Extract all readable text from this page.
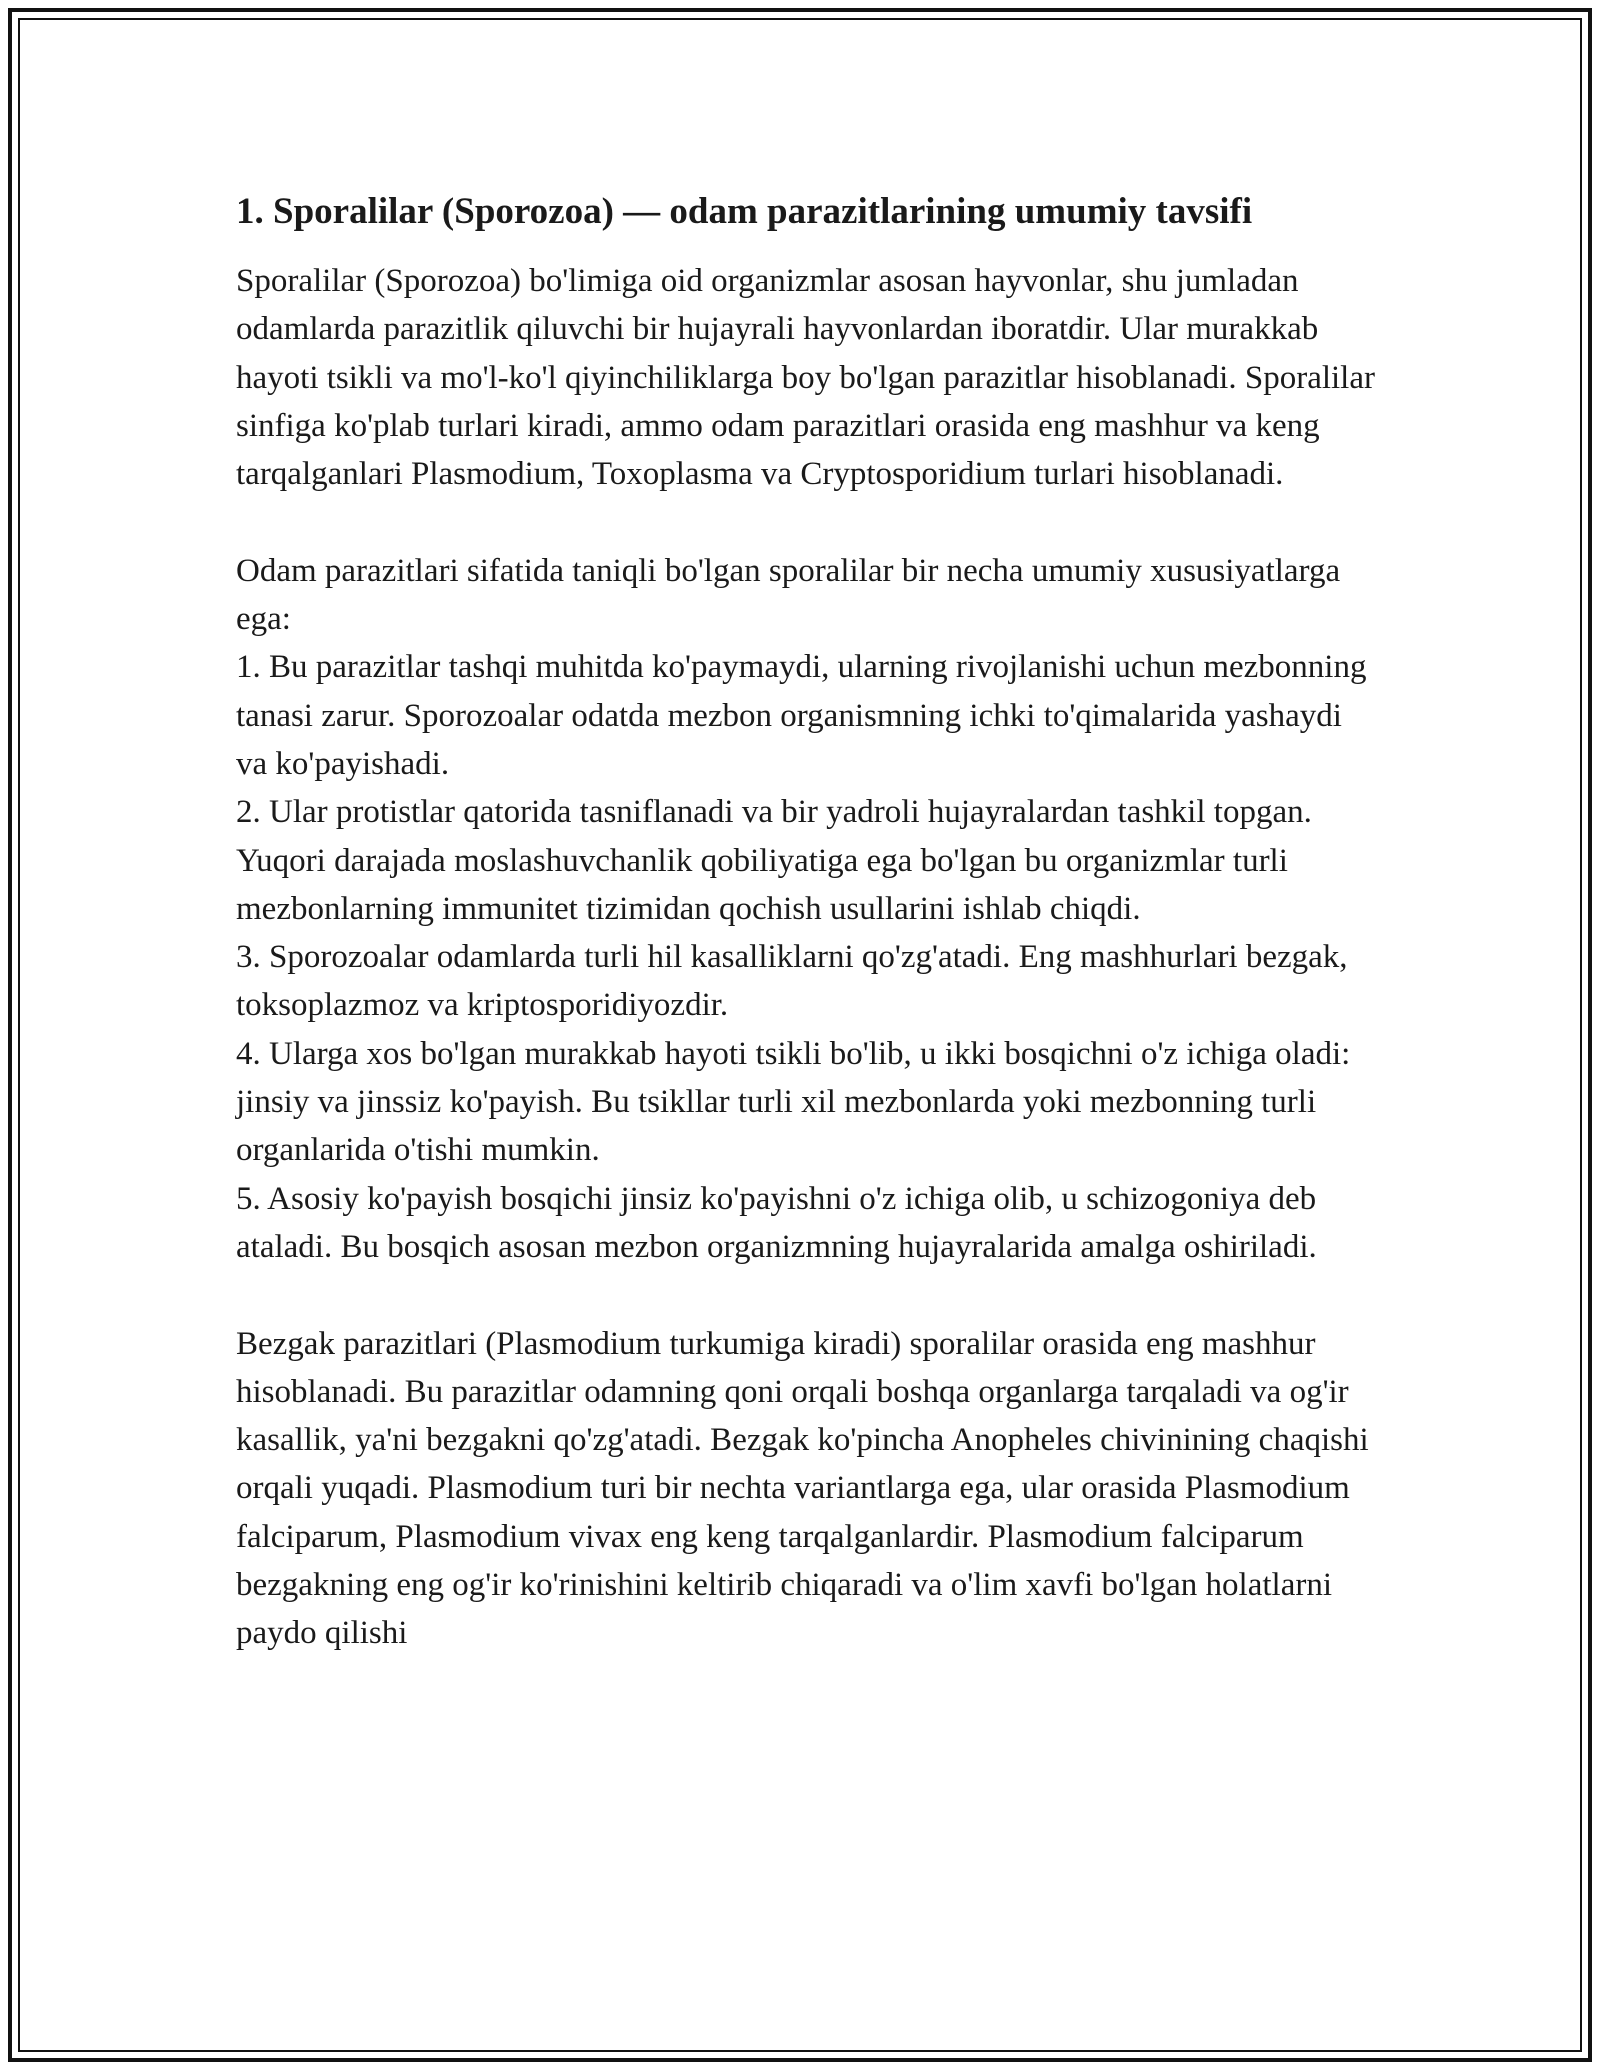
1. Sporalilar (Sporozoa) — odam parazitlarining umumiy tavsifi

Sporalilar (Sporozoa) bo'limiga oid organizmlar asosan hayvonlar, shu jumladan odamlarda parazitlik qiluvchi bir hujayrali hayvonlardan iboratdir. Ular murakkab hayoti tsikli va mo'l-ko'l qiyinchiliklarga boy bo'lgan parazitlar hisoblanadi. Sporalilar sinfiga ko'plab turlari kiradi, ammo odam parazitlari orasida eng mashhur va keng tarqalganlari Plasmodium, Toxoplasma va Cryptosporidium turlari hisoblanadi.

Odam parazitlari sifatida taniqli bo'lgan sporalilar bir necha umumiy xususiyatlarga ega:

1. Bu parazitlar tashqi muhitda ko'paymaydi, ularning rivojlanishi uchun mezbonning tanasi zarur. Sporozoalar odatda mezbon organismning ichki to'qimalarida yashaydi va ko'payishadi.

2. Ular protistlar qatorida tasniflanadi va bir yadroli hujayralardan tashkil topgan. Yuqori darajada moslashuvchanlik qobiliyatiga ega bo'lgan bu organizmlar turli mezbonlarning immunitet tizimidan qochish usullarini ishlab chiqdi.

3. Sporozoalar odamlarda turli hil kasalliklarni qo'zg'atadi. Eng mashhurlari bezgak, toksoplazmoz va kriptosporidiyozdir.

4. Ularga xos bo'lgan murakkab hayoti tsikli bo'lib, u ikki bosqichni o'z ichiga oladi: jinsiy va jinssiz ko'payish. Bu tsikllar turli xil mezbonlarda yoki mezbonning turli organlarida o'tishi mumkin.

5. Asosiy ko'payish bosqichi jinsiz ko'payishni o'z ichiga olib, u schizogoniya deb ataladi. Bu bosqich asosan mezbon organizmning hujayralarida amalga oshiriladi.

Bezgak parazitlari (Plasmodium turkumiga kiradi) sporalilar orasida eng mashhur hisoblanadi. Bu parazitlar odamning qoni orqali boshqa organlarga tarqaladi va og'ir kasallik, ya'ni bezgakni qo'zg'atadi. Bezgak ko'pincha Anopheles chivinining chaqishi orqali yuqadi. Plasmodium turi bir nechta variantlarga ega, ular orasida Plasmodium falciparum, Plasmodium vivax eng keng tarqalganlardir. Plasmodium falciparum bezgakning eng og'ir ko'rinishini keltirib chiqaradi va o'lim xavfi bo'lgan holatlarni paydo qilishi
